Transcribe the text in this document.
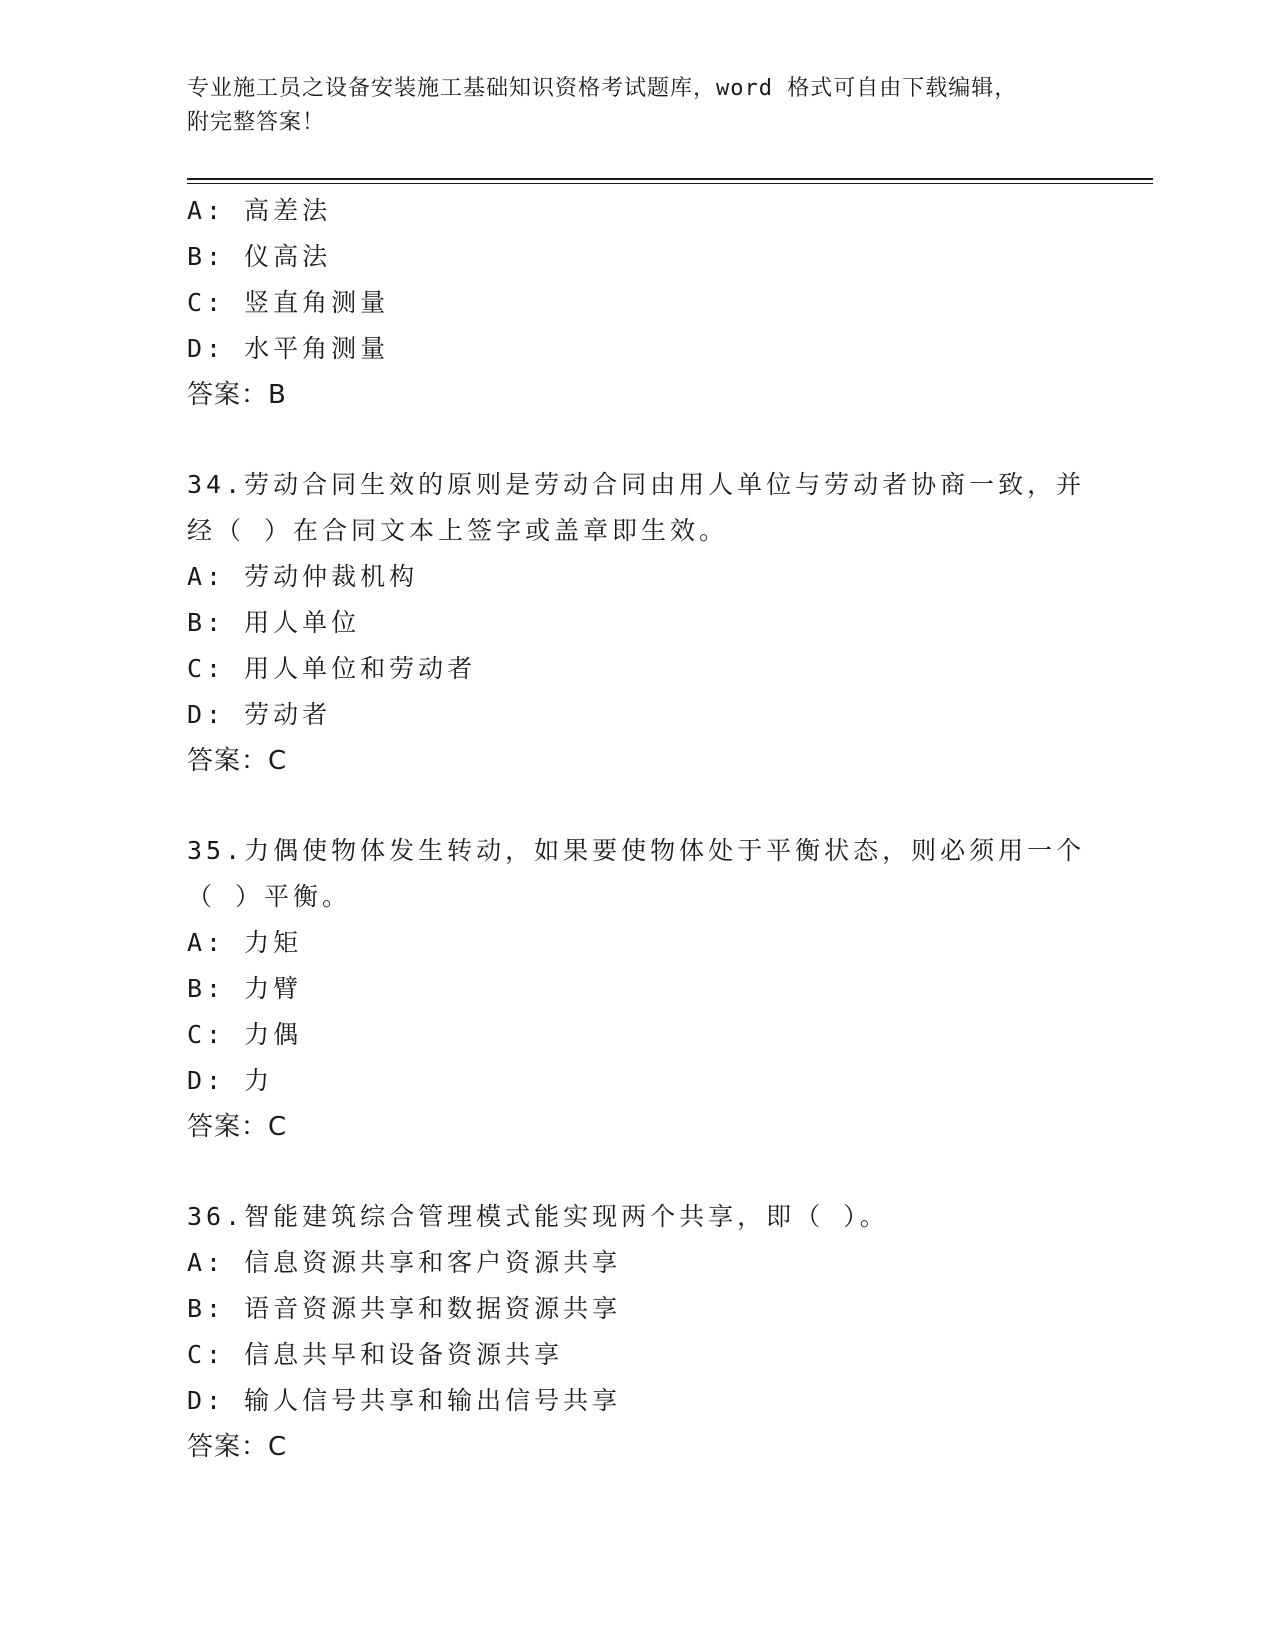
专业施工员之设备安装施工基础知识资格考试题库，word 格式可自由下载编辑，
附完整答案！
A: 高差法
B: 仪高法
C: 竖直角测量
D: 水平角测量
答案：B
34.劳动合同生效的原则是劳动合同由用人单位与劳动者协商一致，并
经（ ）在合同文本上签字或盖章即生效。
A: 劳动仲裁机构
B: 用人单位
C: 用人单位和劳动者
D: 劳动者
答案：C
35.力偶使物体发生转动，如果要使物体处于平衡状态，则必须用一个
（ ）平衡。
A: 力矩
B: 力臂
C: 力偶
D: 力
答案：C
36.智能建筑综合管理模式能实现两个共享，即（ ）。
A: 信息资源共享和客户资源共享
B: 语音资源共享和数据资源共享
C: 信息共早和设备资源共享
D: 输人信号共享和输出信号共享
答案：C
